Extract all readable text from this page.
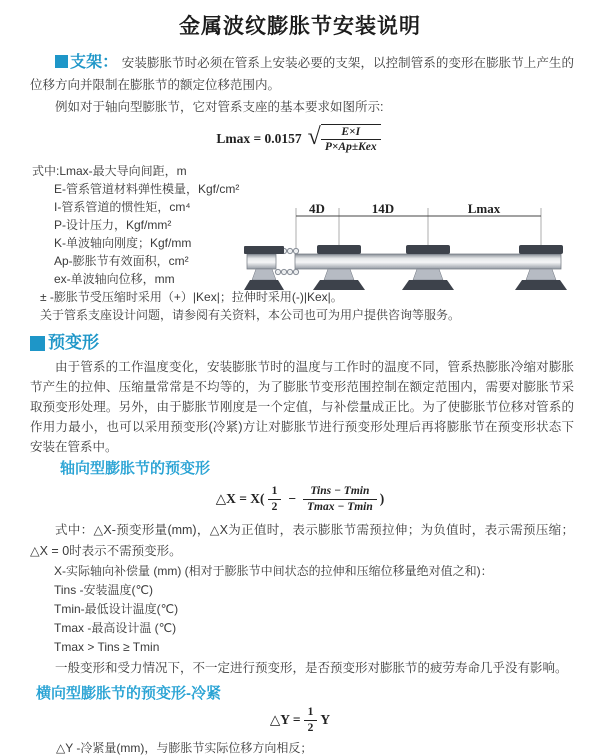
金属波纹膨胀节安装说明

支架： 安装膨胀节时必须在管系上安装必要的支架，以控制管系的变形在膨胀节上产生的位移方向并限制在膨胀节的额定位移范围内。

例如对于轴向型膨胀节，它对管系支座的基本要求如图所示:

Lmax = 0.0157 √ $\frac{E\times I}{\text{P×Ap±Kex}}$
式中:Lmax-最大导向间距，m
E-管系管道材料弹性模量，Kgf/cm²
I-管系管道的惯性矩，cm⁴
P-设计压力，Kgf/mm²
K-单波轴向刚度；Kgf/mm
Ap-膨胀节有效面积，cm²
ex-单波轴向位移，mm
± -膨胀节受压缩时采用（+）|Kex|；拉伸时采用(-)|Kex|。
关于管系支座设计问题，请参阅有关资料，本公司也可为用户提供咨询等服务。
4D	14D	Lmax
预变形

由于管系的工作温度变化，安装膨胀节时的温度与工作时的温度不同，管系热膨胀冷缩对膨胀节产生的拉伸、压缩量常常是不均等的，为了膨胀节变形范围控制在额定范围内，需要对膨胀节采取预变形处理。另外，由于膨胀节刚度是一个定值，与补偿量成正比。为了使膨胀节位移对管系的作用力最小，也可以采用预变形(冷紧)方让对膨胀节进行预变形处理后再将膨胀节在预变形状态下安装在管系中。

轴向型膨胀节的预变形
△X = $X( \frac{1}{2} - \frac{\text{Tins − Tmin}}{Tmax - Tmin}$ )

式中：△X-预变形量(mm)，△X为正值时，表示膨胀节需预拉伸；为负值时，表示需预压缩；△X = 0时表示不需预变形。

X-实际轴向补偿量 (mm) (相对于膨胀节中间状态的拉伸和压缩位移量绝对值之和)：
Tins -安装温度(℃)
Tmin-最低设计温度(℃)
Tmax -最高设计温 (℃)
Tmax > Tins ≥ Tmin

一般变形和受力情况下，不一定进行预变形，是否预变形对膨胀节的疲劳寿命几乎没有影响。

横向型膨胀节的预变形-冷紧
△Y = $\frac{1}{2}$ Y
△Y -冷紧量(mm)，与膨胀节实际位移方向相反；
